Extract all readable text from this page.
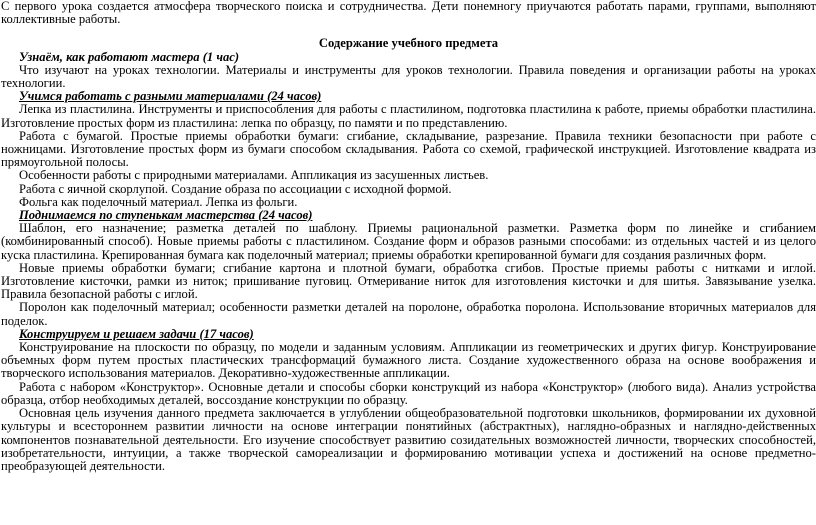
С первого урока создается атмосфера творческого поиска и сотрудничества. Дети понемногу приучаются работать парами, группами, выполняют коллективные работы.

Содержание учебного предмета

Узнаём, как работают мастера (1 час)

Что изучают на уроках технологии. Материалы и инструменты для уроков технологии. Правила поведения и организации работы на уроках технологии.

Учимся работать с разными материалами (24 часов)

Лепка из пластилина. Инструменты и приспособления для работы с пластилином, подготовка пластилина к работе, приемы обработки пластилина. Изготовление простых форм из пластилина: лепка по образцу, по памяти и по представлению.

Работа с бумагой. Простые приемы обработки бумаги: сгибание, складывание, разрезание. Правила техники безопасности при работе с ножницами. Изготовление простых форм из бумаги способом складывания. Работа со схемой, графической инструкцией. Изготовление квадрата из прямоугольной полосы.

Особенности работы с природными материалами. Аппликация из засушенных листьев.

Работа с яичной скорлупой. Создание образа по ассоциации с исходной формой.

Фольга как поделочный материал. Лепка из фольги.

Поднимаемся по ступенькам мастерства (24 часов)

Шаблон, его назначение; разметка деталей по шаблону. Приемы рациональной разметки. Разметка форм по линейке и сгибанием (комбинированный способ). Новые приемы работы с пластилином. Создание форм и образов разными способами: из отдельных частей и из целого куска пластилина. Крепированная бумага как поделочный материал; приемы обработки крепированной бумаги для создания различных форм.

Новые приемы обработки бумаги; сгибание картона и плотной бумаги, обработка сгибов. Простые приемы работы с нитками и иглой. Изготовление кисточки, рамки из ниток; пришивание пуговиц. Отмеривание ниток для изготовления кисточки и для шитья. Завязывание узелка. Правила безопасной работы с иглой.

Поролон как поделочный материал; особенности разметки деталей на поролоне, обработка поролона. Использование вторичных материалов для поделок.

Конструируем и решаем задачи (17 часов)

Конструирование на плоскости по образцу, по модели и заданным условиям. Аппликации из геометрических и других фигур. Конструирование объемных форм путем простых пластических трансформаций бумажного листа. Создание художественного образа на основе воображения и творческого использования материалов. Декоративно-художественные аппликации.

Работа с набором «Конструктор». Основные детали и способы сборки конструкций из набора «Конструктор» (любого вида). Анализ устройства образца, отбор необходимых деталей, воссоздание конструкции по образцу.

Основная цель изучения данного предмета заключается в углублении общеобразовательной подготовки школьников, формировании их духовной культуры и всестороннем развитии личности на основе интеграции понятийных (абстрактных), наглядно-образных и наглядно-действенных компонентов познавательной деятельности. Его изучение способствует развитию созидательных возможностей личности, творческих способностей, изобретательности, интуиции, а также творческой самореализации и формированию мотивации успеха и достижений на основе предметно-преобразующей деятельности.
